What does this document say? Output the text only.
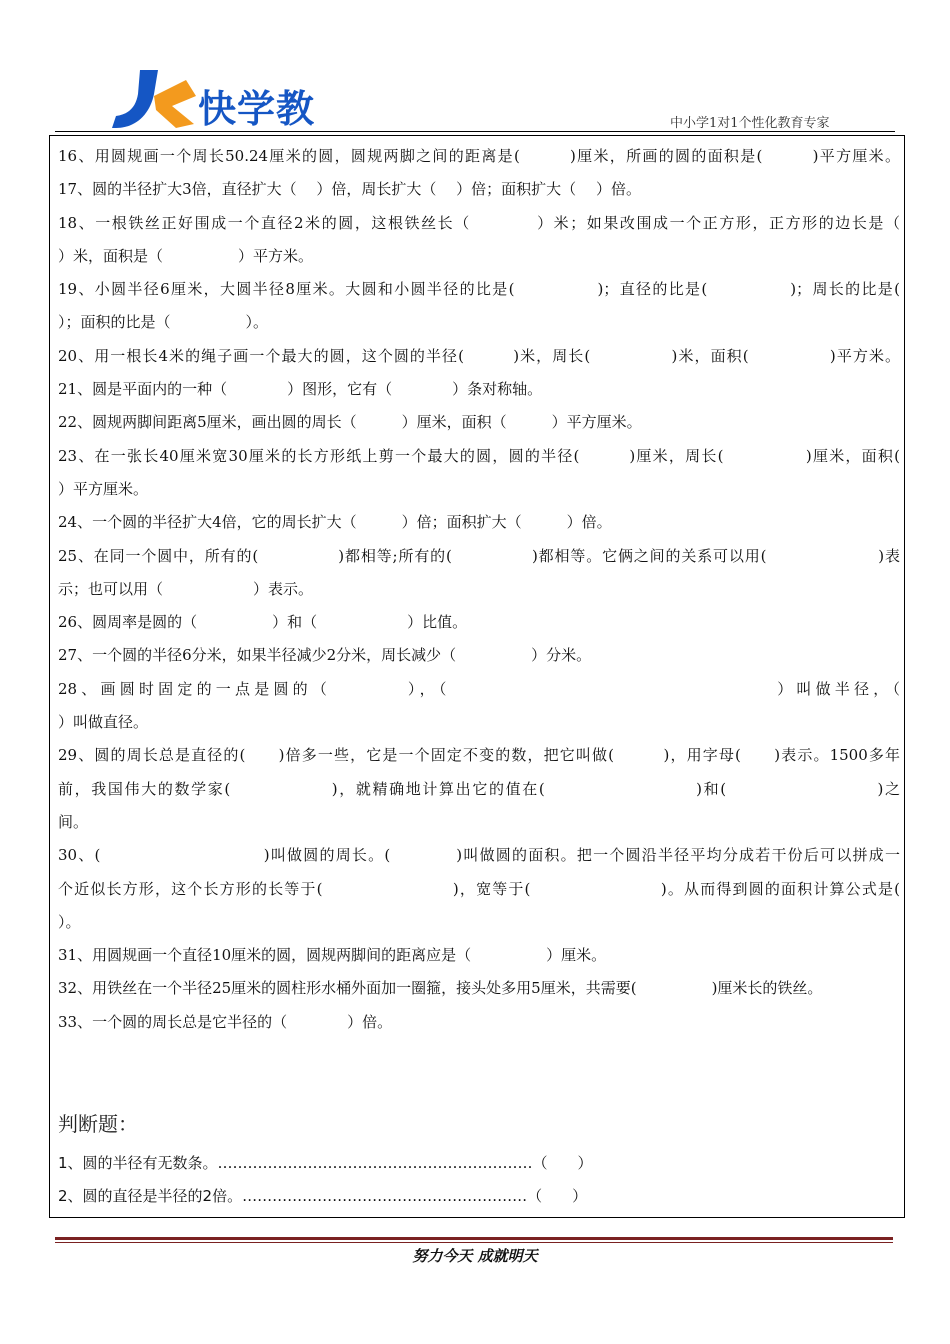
快学教	中小学1对1个性化教育专家
16、用圆规画一个周长50.24厘米的圆，圆规两脚之间的距离是(　　　)厘米，所画的圆的面积是(　　　)平方厘米。
17、圆的半径扩大3倍，直径扩大（　 ）倍，周长扩大（　 ）倍；面积扩大（　 ）倍。
18、一根铁丝正好围成一个直径2米的圆，这根铁丝长（　　　　）米；如果改围成一个正方形，正方形的边长是（
）米，面积是（　　　　　）平方米。
19、小圆半径6厘米，大圆半径8厘米。大圆和小圆半径的比是(　　　　　)；直径的比是(　　　　　)；周长的比是(
）；面积的比是（　　　　　）。
20、用一根长4米的绳子画一个最大的圆，这个圆的半径(　　　)米，周长(　　　　　)米，面积(　　　　　)平方米。
21、圆是平面内的一种（　　　　）图形，它有（　　　　）条对称轴。
22、圆规两脚间距离5厘米，画出圆的周长（　　　）厘米，面积（　　　）平方厘米。
23、在一张长40厘米宽30厘米的长方形纸上剪一个最大的圆，圆的半径(　　　)厘米，周长(　　　　　)厘米，面积(
）平方厘米。
24、一个圆的半径扩大4倍，它的周长扩大（　　　）倍；面积扩大（　　　）倍。
25、在同一个圆中，所有的(　　　　　)都相等;所有的(　　　　　)都相等。它俩之间的关系可以用(　　　　　　　)表
示；也可以用（　　　　　　）表示。
26、圆周率是圆的（　　　　　）和（　　　　　　）比值。
27、一个圆的半径6分米，如果半径减少2分米，周长减少（　　　　　）分米。
28、画圆时固定的一点是圆的（　　　　），（　　　　　　　　　　　　　　　　　）叫做半径，（
）叫做直径。
29、圆的周长总是直径的(　　)倍多一些，它是一个固定不变的数，把它叫做(　　　)，用字母(　　)表示。1500多年
前，我国伟大的数学家(　　　　　　)，就精确地计算出它的值在(　　　　　　　　　)和(　　　　　　　　　)之
间。
30、(　　　　　　　　　　)叫做圆的周长。(　　　　)叫做圆的面积。把一个圆沿半径平均分成若干份后可以拼成一
个近似长方形，这个长方形的长等于(　　　　　　　　)，宽等于(　　　　　　　　)。从而得到圆的面积计算公式是(
）。
31、用圆规画一个直径10厘米的圆，圆规两脚间的距离应是（　　　　　）厘米。
32、用铁丝在一个半径25厘米的圆柱形水桶外面加一圈箍，接头处多用5厘米，共需要(　　　　　)厘米长的铁丝。
33、一个圆的周长总是它半径的（　　　　）倍。
判断题：
1、圆的半径有无数条。………………………………………………………（　　）
2、圆的直径是半径的2倍。…………………………………………………（　　）
努力今天 成就明天
